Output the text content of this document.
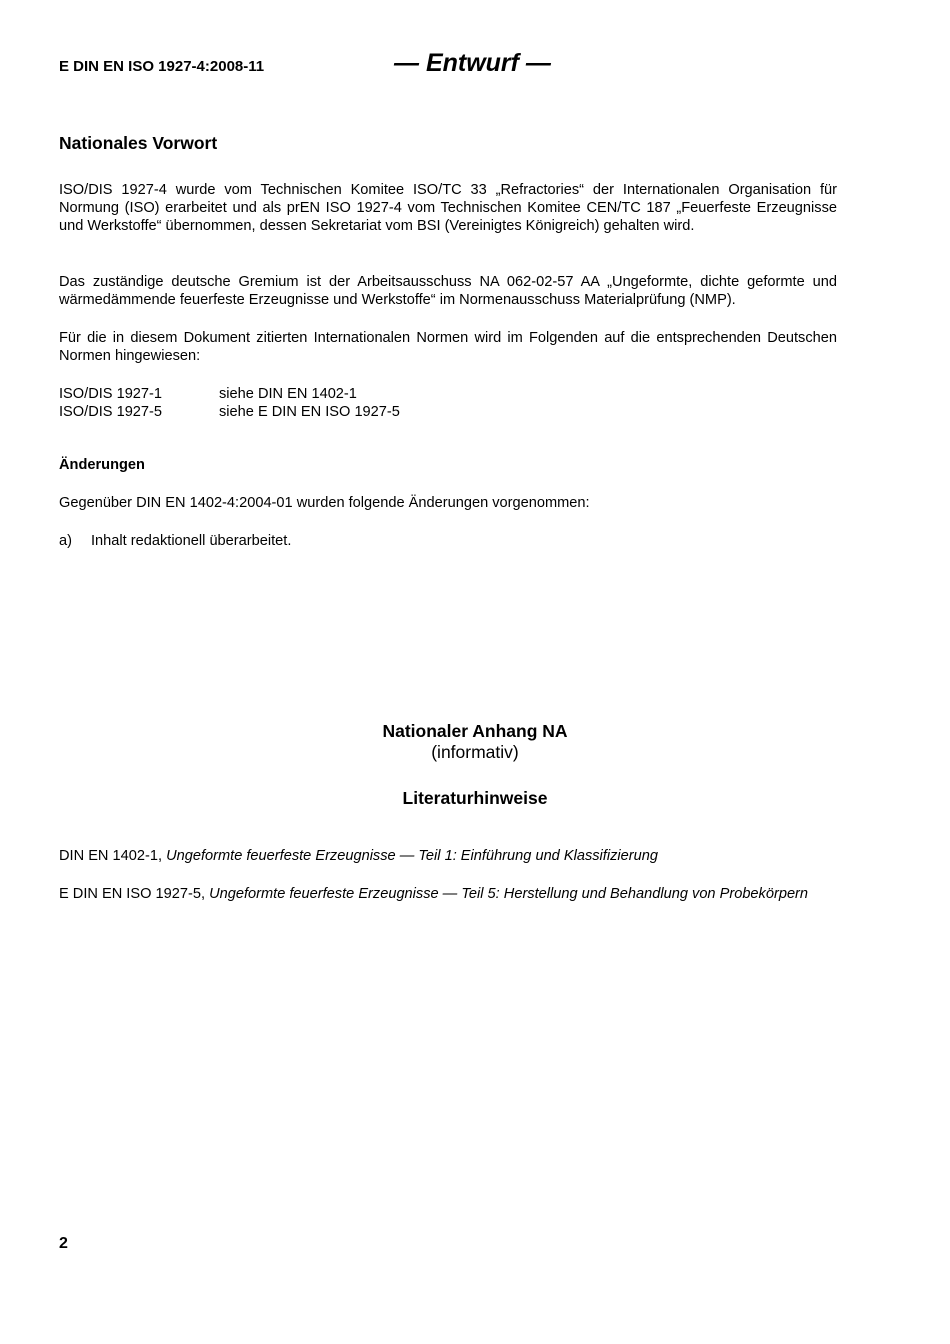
E DIN EN ISO 1927-4:2008-11	— Entwurf —
Nationales Vorwort

ISO/DIS 1927-4 wurde vom Technischen Komitee ISO/TC 33 „Refractories“ der Internationalen Organisation für Normung (ISO) erarbeitet und als prEN ISO 1927-4 vom Technischen Komitee CEN/TC 187 „Feuerfeste Erzeugnisse und Werkstoffe“ übernommen, dessen Sekretariat vom BSI (Vereinigtes Königreich) gehalten wird.

Das zuständige deutsche Gremium ist der Arbeitsausschuss NA 062-02-57 AA „Ungeformte, dichte geformte und wärmedämmende feuerfeste Erzeugnisse und Werkstoffe“ im Normenausschuss Materialprüfung (NMP).

Für die in diesem Dokument zitierten Internationalen Normen wird im Folgenden auf die entsprechenden Deutschen Normen hingewiesen:

ISO/DIS 1927-1	siehe DIN EN 1402-1
ISO/DIS 1927-5	siehe E DIN EN ISO 1927-5
Änderungen

Gegenüber DIN EN 1402-4:2004-01 wurden folgende Änderungen vorgenommen:

a)	Inhalt redaktionell überarbeitet.
Nationaler Anhang NA
(informativ)
Literaturhinweise

DIN EN 1402-1, Ungeformte feuerfeste Erzeugnisse — Teil 1: Einführung und Klassifizierung

E DIN EN ISO 1927-5, Ungeformte feuerfeste Erzeugnisse — Teil 5: Herstellung und Behandlung von Probekörpern

2
